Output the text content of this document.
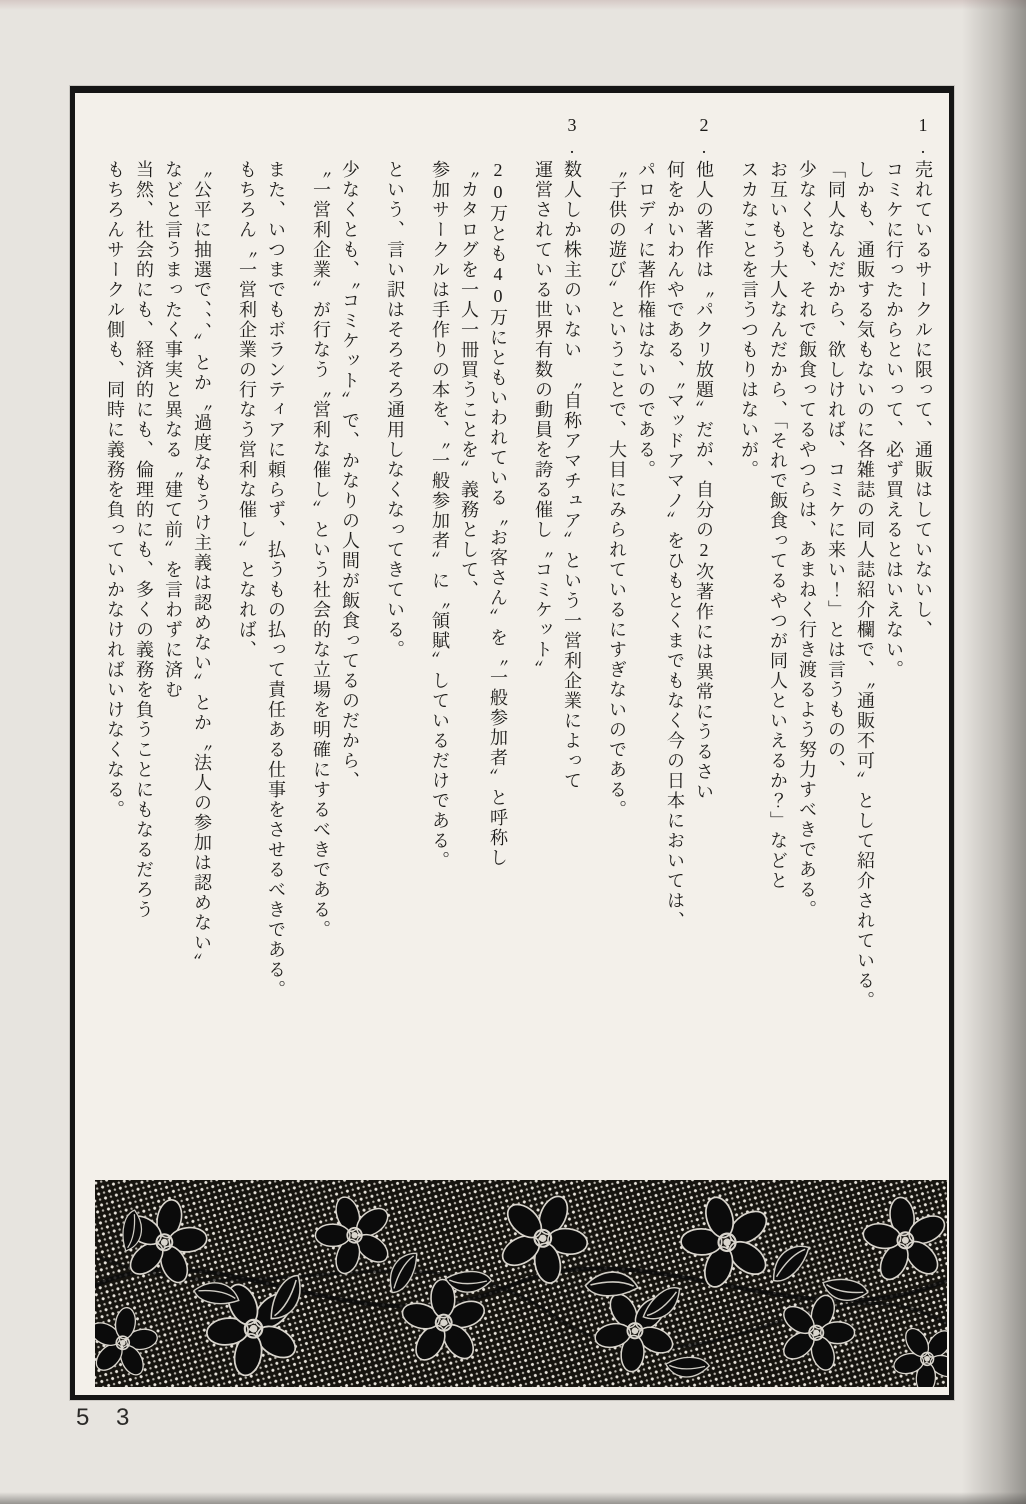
1.売れているサークルに限って、通販はしていないし、

コミケに行ったからといって、必ず買えるとはいえない。

しかも、通販する気もないのに各雑誌の同人誌紹介欄で、〝通販不可〟として紹介されている。

「同人なんだから、欲しければ、コミケに来い！」とは言うものの、

少なくとも、それで飯食ってるやつらは、あまねく行き渡るよう努力すべきである。

お互いもう大人なんだから、「それで飯食ってるやつが同人といえるか？」などと

スカなことを言うつもりはないが。

2.他人の著作は〝パクリ放題〟だが、自分の2次著作には異常にうるさい

何をかいわんやである、〝マッドアマノ〟をひもとくまでもなく今の日本においては、

パロディに著作権はないのである。

〝子供の遊び〟ということで、大目にみられているにすぎないのである。

3.数人しか株主のいない　〝自称アマチュア〟という一営利企業によって

運営されている世界有数の動員を誇る催し〝コミケット〟

20万とも40万にともいわれている〝お客さん〟を〝一般参加者〟と呼称し

〝カタログを一人一冊買うことを〟義務として、

参加サークルは手作りの本を、〝一般参加者〟に〝領賦〟しているだけである。

という、言い訳はそろそろ通用しなくなってきている。

少なくとも、〝コミケット〟で、かなりの人間が飯食ってるのだから、

〝一営利企業〟が行なう〝営利な催し〟という社会的な立場を明確にするべきである。

また、いつまでもボランティアに頼らず、払うもの払って責任ある仕事をさせるべきである。

もちろん〝一営利企業の行なう営利な催し〟となれば、

〝公平に抽選で、、、〟とか〝過度なもうけ主義は認めない〟とか〝法人の参加は認めない〟

などと言うまったく事実と異なる〝建て前〟を言わずに済む

当然、社会的にも、経済的にも、倫理的にも、多くの義務を負うことにもなるだろう

もちろんサークル側も、同時に義務を負っていかなければいけなくなる。

5 3
